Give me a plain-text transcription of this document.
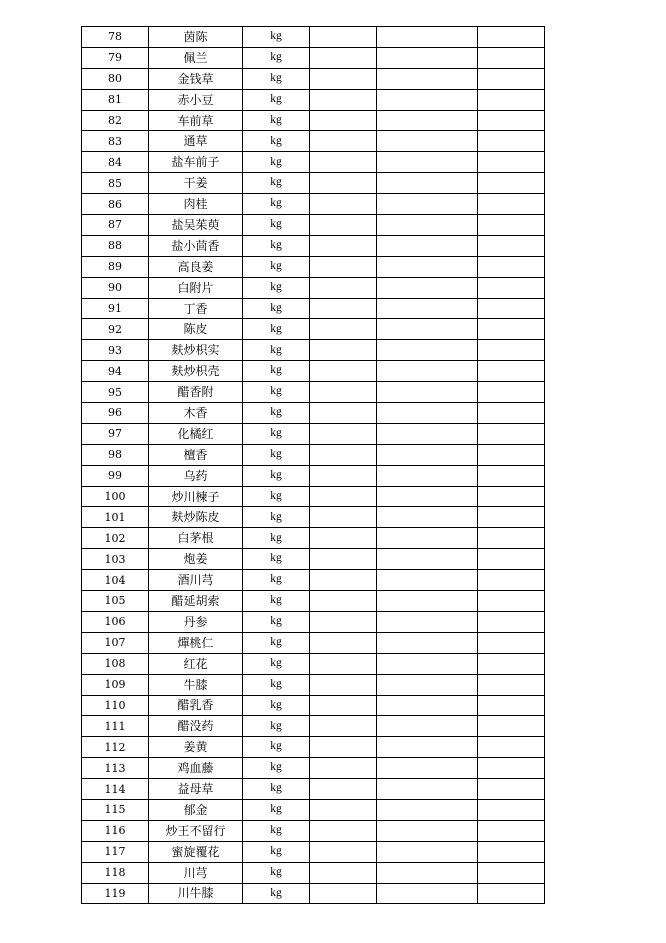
78	茵陈	kg			
79	佩兰	kg			
80	金钱草	kg			
81	赤小豆	kg			
82	车前草	kg			
83	通草	kg			
84	盐车前子	kg			
85	干姜	kg			
86	肉桂	kg			
87	盐吴茱萸	kg			
88	盐小茴香	kg			
89	高良姜	kg			
90	白附片	kg			
91	丁香	kg			
92	陈皮	kg			
93	麸炒枳实	kg			
94	麸炒枳壳	kg			
95	醋香附	kg			
96	木香	kg			
97	化橘红	kg			
98	檀香	kg			
99	乌药	kg			
100	炒川楝子	kg			
101	麸炒陈皮	kg			
102	白茅根	kg			
103	炮姜	kg			
104	酒川芎	kg			
105	醋延胡索	kg			
106	丹参	kg			
107	燀桃仁	kg			
108	红花	kg			
109	牛膝	kg			
110	醋乳香	kg			
111	醋没药	kg			
112	姜黄	kg			
113	鸡血藤	kg			
114	益母草	kg			
115	郁金	kg			
116	炒王不留行	kg			
117	蜜旋覆花	kg			
118	川芎	kg			
119	川牛膝	kg			
